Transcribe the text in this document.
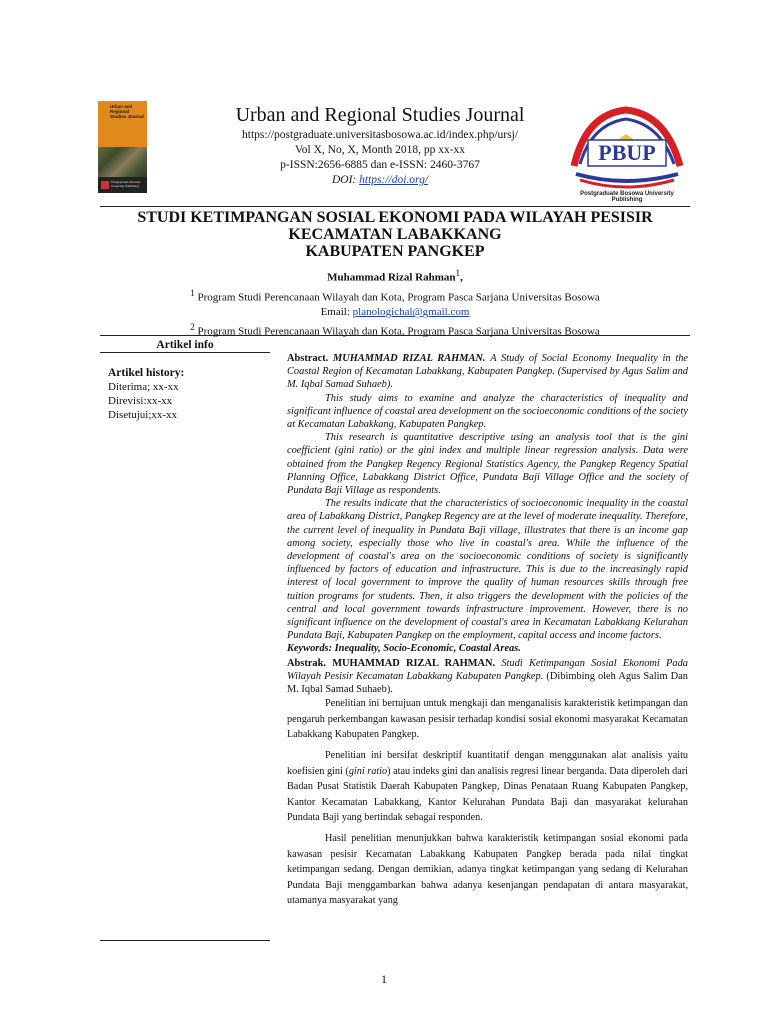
Urban and Regional Studies Journal
Postgraduate Bosowa University Publishing
Urban and Regional Studies Journal
https://postgraduate.universitasbosowa.ac.id/index.php/ursj/
Vol X, No, X, Month 2018, pp xx-xx
p-ISSN:2656-6885 dan e-ISSN: 2460-3767
DOI: https://doi.org/
PBUP
Postgraduate Bosowa University Publishing
STUDI KETIMPANGAN SOSIAL EKONOMI PADA WILAYAH PESISIR
KECAMATAN LABAKKANG
KABUPATEN PANGKEP
Muhammad Rizal Rahman$^1$,
$^1$ Program Studi Perencanaan Wilayah dan Kota, Program Pasca Sarjana Universitas Bosowa
Email: planologichal@gmail.com
$^2$ Program Studi Perencanaan Wilayah dan Kota, Program Pasca Sarjana Universitas Bosowa
Artikel info
Artikel history:
Diterima; xx-xx
Direvisi:xx-xx
Disetujui;xx-xx

Abstract. MUHAMMAD RIZAL RAHMAN. A Study of Social Economy Inequality in the Coastal Region of Kecamatan Labakkang, Kabupaten Pangkep. (Supervised by Agus Salim and M. Iqbal Samad Suhaeb).

This study aims to examine and analyze the characteristics of inequality and significant influence of coastal area development on the socioeconomic conditions of the society at Kecamatan Labakkang, Kabupaten Pangkep.

This research is quantitative descriptive using an analysis tool that is the gini coefficient (gini ratio) or the gini index and multiple linear regression analysis. Data were obtained from the Pangkep Regency Regional Statistics Agency, the Pangkep Regency Spatial Planning Office, Labakkang District Office, Pundata Baji Village Office and the society of Pundata Baji Village as respondents.

The results indicate that the characteristics of socioeconomic inequality in the coastal area of Labakkang District, Pangkep Regency are at the level of moderate inequality. Therefore, the current level of inequality in Pundata Baji village, illustrates that there is an income gap among society, especially those who live in coastal's area. While the influence of the development of coastal's area on the socioeconomic conditions of society is significantly influenced by factors of education and infrastructure. This is due to the increasingly rapid interest of local government to improve the quality of human resources skills through free tuition programs for students. Then, it also triggers the development with the policies of the central and local government towards infrastructure improvement. However, there is no significant influence on the development of coastal's area in Kecamatan Labakkang Kelurahan Pundata Baji, Kabupaten Pangkep on the employment, capital access and income factors.

Keywords: Inequality, Socio-Economic, Coastal Areas.

Abstrak. MUHAMMAD RIZAL RAHMAN. Studi Ketimpangan Sosial Ekonomi Pada Wilayah Pesisir Kecamatan Labakkang Kabupaten Pangkep. (Dibimbing oleh Agus Salim Dan M. Iqbal Samad Suhaeb).

Penelitian ini bertujuan untuk mengkaji dan menganalisis karakteristik ketimpangan dan pengaruh perkembangan kawasan pesisir terhadap kondisi sosial ekonomi masyarakat Kecamatan Labakkang Kabupaten Pangkep.

Penelitian ini bersifat deskriptif kuantitatif dengan menggunakan alat analisis yaitu koefisien gini (gini ratio) atau indeks gini dan analisis regresi linear berganda. Data diperoleh dari Badan Pusat Statistik Daerah Kabupaten Pangkep, Dinas Penataan Ruang Kabupaten Pangkep, Kantor Kecamatan Labakkang, Kantor Kelurahan Pundata Baji dan masyarakat kelurahan Pundata Baji yang bertindak sebagai responden.

Hasil penelitian menunjukkan bahwa karakteristik ketimpangan sosial ekonomi pada kawasan pesisir Kecamatan Labakkang Kabupaten Pangkep berada pada nilai tingkat ketimpangan sedang. Dengan demikian, adanya tingkat ketimpangan yang sedang di Kelurahan Pundata Baji menggambarkan bahwa adanya kesenjangan pendapatan di antara masyarakat, utamanya masyarakat yang

1
